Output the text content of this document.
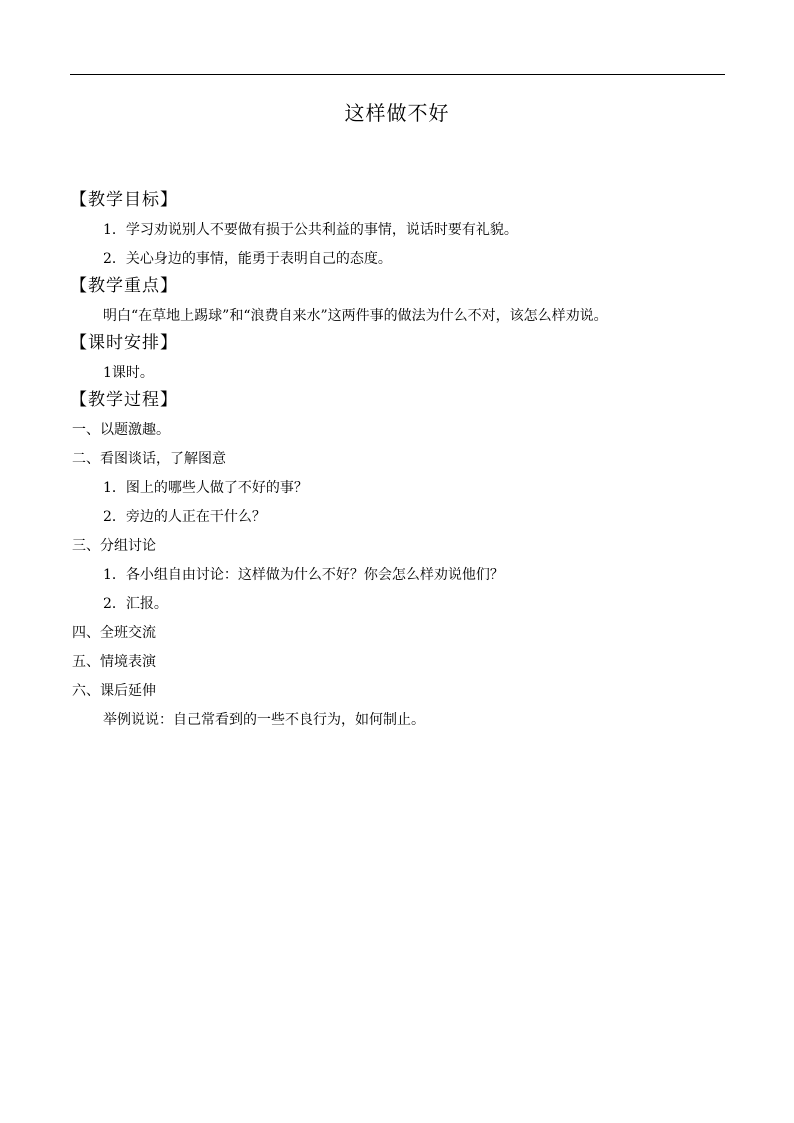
这样做不好
【教学目标】
1．学习劝说别人不要做有损于公共利益的事情，说话时要有礼貌。
2．关心身边的事情，能勇于表明自己的态度。
【教学重点】
明白“在草地上踢球”和“浪费自来水”这两件事的做法为什么不对，该怎么样劝说。
【课时安排】
1课时。
【教学过程】
一、以题激趣。
二、看图谈话，了解图意
1．图上的哪些人做了不好的事？
2．旁边的人正在干什么？
三、分组讨论
1．各小组自由讨论：这样做为什么不好？你会怎么样劝说他们？
2．汇报。
四、全班交流
五、情境表演
六、课后延伸
举例说说：自己常看到的一些不良行为，如何制止。
